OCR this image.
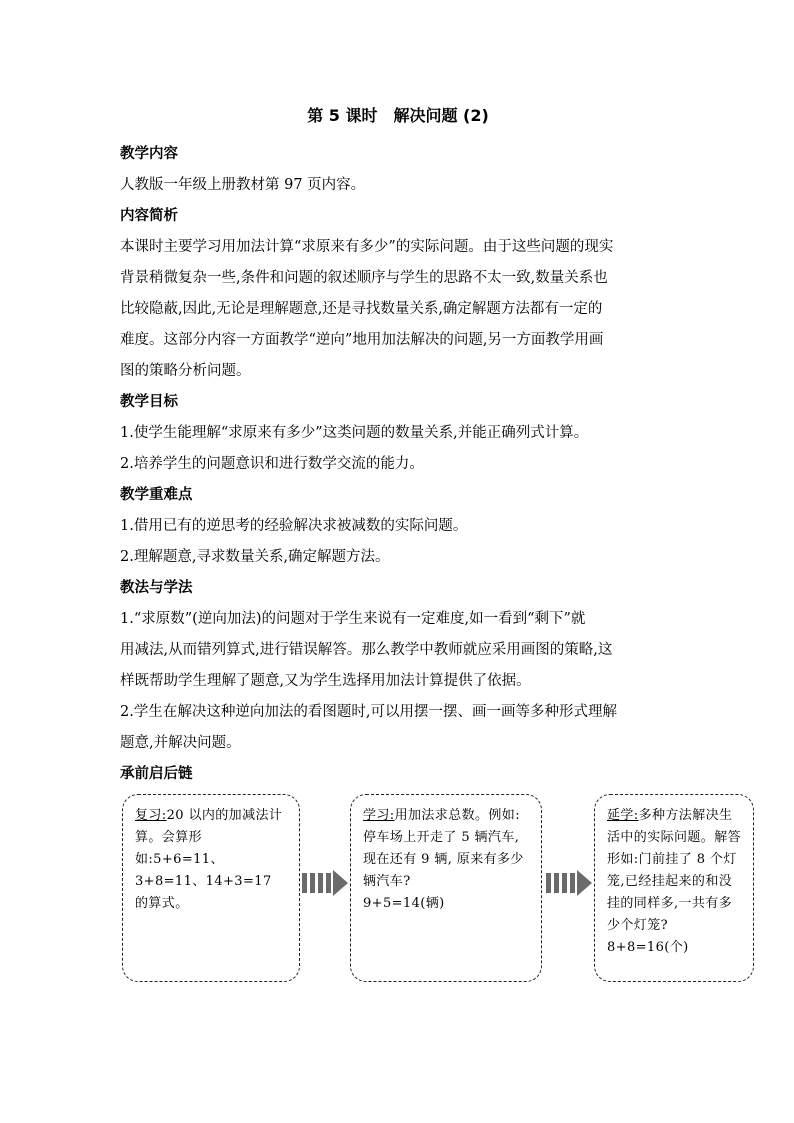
第 5 课时　解决问题 (2)
教学内容
人教版一年级上册教材第 97 页内容。
内容简析
本课时主要学习用加法计算“求原来有多少”的实际问题。由于这些问题的现实
背景稍微复杂一些,条件和问题的叙述顺序与学生的思路不太一致,数量关系也
比较隐蔽,因此,无论是理解题意,还是寻找数量关系,确定解题方法都有一定的
难度。这部分内容一方面教学“逆向”地用加法解决的问题,另一方面教学用画
图的策略分析问题。
教学目标
1.使学生能理解“求原来有多少”这类问题的数量关系,并能正确列式计算。
2.培养学生的问题意识和进行数学交流的能力。
教学重难点
1.借用已有的逆思考的经验解决求被减数的实际问题。
2.理解题意,寻求数量关系,确定解题方法。
教法与学法
1.“求原数”(逆向加法)的问题对于学生来说有一定难度,如一看到“剩下”就
用减法,从而错列算式,进行错误解答。那么教学中教师就应采用画图的策略,这
样既帮助学生理解了题意,又为学生选择用加法计算提供了依据。
2.学生在解决这种逆向加法的看图题时,可以用摆一摆、画一画等多种形式理解
题意,并解决问题。
承前启后链
复习:20 以内的加减法计算。会算形如:5+6=11、3+8=11、14+3=17 的算式。
学习:用加法求总数。例如:停车场上开走了 5 辆汽车,现在还有 9 辆, 原来有多少辆汽车?
9+5=14(辆)
延学:多种方法解决生活中的实际问题。解答形如:门前挂了 8 个灯笼,已经挂起来的和没挂的同样多,一共有多少个灯笼?8+8=16(个)
